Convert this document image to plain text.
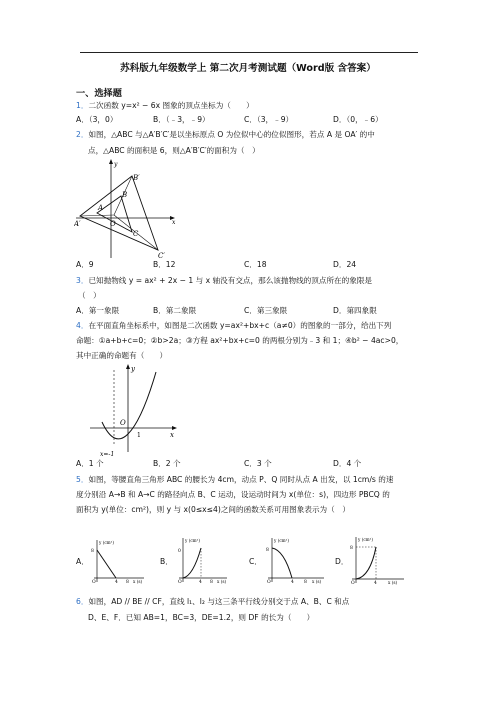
苏科版九年级数学上 第二次月考测试题（Word版 含答案）
一、选择题
1．二次函数 y=x² − 6x 图象的顶点坐标为（　　）
A．（3，0）	B．（﹣3，﹣9）	C．（3，﹣9）	D．（0，﹣6）
2．如图，△ABC 与△A′B′C′是以坐标原点 O 为位似中心的位似图形，若点 A 是 OA′ 的中
点，△ABC 的面积是 6，则△A′B′C′的面积为（　）
B′
B
A
O
A′
C
C′
y
x
A．9	B．12	C．18	D．24
3．已知抛物线 y = ax² + 2x − 1 与 x 轴没有交点，那么该抛物线的顶点所在的象限是
（　）
A．第一象限	B．第二象限	C．第三象限	D．第四象限
4．在平面直角坐标系中，如图是二次函数 y=ax²+bx+c（a≠0）的图象的一部分，给出下列
命题：①a+b+c=0；②b>2a；③方程 ax²+bx+c=0 的两根分别为﹣3 和 1；④b² − 4ac>0，
其中正确的命题有（　　）
y
O
1	x
x=-1
A．1 个	B．2 个	C．3 个	D．4 个
5．如图，等腰直角三角形 ABC 的腰长为 4cm，动点 P、Q 同时从点 A 出发，以 1cm/s 的速
度分别沿 A→B 和 A→C 的路径向点 B、C 运动，设运动时间为 x(单位：s)，四边形 PBCQ 的
面积为 y(单位：cm²)，则 y 与 x(0≤x≤4)之间的函数关系可用图象表示为（　）
A．
y (cm²)
8
O	4 8 x (s)
B．
y (cm²)
0
O	4 8 x (s)
C．
y (cm²)
8
O	4 8 x (s)
D．
y (cm²)
8
O	4	x (s)
6．如图，AD // BE // CF，直线 l₁、l₂ 与这三条平行线分别交于点 A、B、C 和点
D、E、F．已知 AB=1，BC=3，DE=1.2，则 DF 的长为（　　）
